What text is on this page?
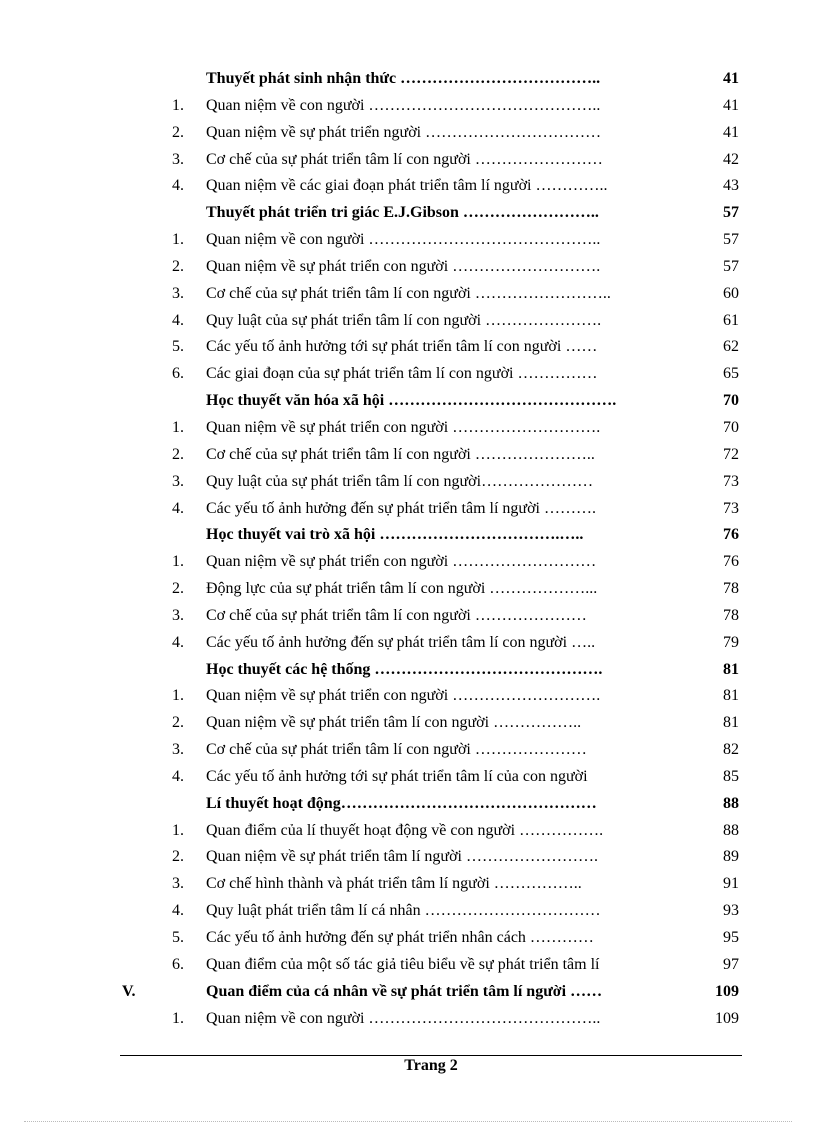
Thuyết phát sinh nhận thức ………………………………..	41
1. Quan niệm về con người ……………………………………..	41
2. Quan niệm về sự phát triển người ……………………………	41
3. Cơ chế của sự phát triển tâm lí con người ……………………	42
4. Quan niệm về các giai đoạn phát triển tâm lí người …………..	43
Thuyết phát triển tri giác E.J.Gibson ……………………..	57
1. Quan niệm về con người ……………………………………..	57
2. Quan niệm về sự phát triển con người ……………………….	57
3. Cơ chế của sự phát triển tâm lí con người ……………………..	60
4. Quy luật của sự phát triển tâm lí con người ………………….	61
5. Các yếu tố ảnh hưởng tới sự phát triển tâm lí con người ……	62
6. Các giai đoạn của sự phát triển tâm lí con người ……………	65
Học thuyết văn hóa xã hội …………………………………….	70
1. Quan niệm về sự phát triển con người ……………………….	70
2. Cơ chế của sự phát triển tâm lí con người …………………..	72
3. Quy luật của sự phát triển tâm lí con người…………………	73
4. Các yếu tố ảnh hưởng đến sự phát triển tâm lí người ……….	73
Học thuyết vai trò xã hội …………………………….…..	76
1. Quan niệm về sự phát triển con người ………………………	76
2. Động lực của sự phát triển tâm lí con người ………………...	78
3. Cơ chế của sự phát triển tâm lí con người …………………	78
4. Các yếu tố ảnh hưởng đến sự phát triển tâm lí con người …..	79
Học thuyết các hệ thống …………………………………….	81
1. Quan niệm về sự phát triển con người ……………………….	81
2. Quan niệm về sự phát triển tâm lí con người ……………..	81
3. Cơ chế của sự phát triển tâm lí con người …………………	82
4. Các yếu tố ảnh hưởng tới sự phát triển tâm lí của con người	85
Lí thuyết hoạt động…………………………………………	88
1. Quan điểm của lí thuyết hoạt động về con người …………….	88
2. Quan niệm về sự phát triển tâm lí người …………………….	89
3. Cơ chế hình thành và phát triển tâm lí người ……………..	91
4. Quy luật phát triển tâm lí cá nhân ……………………………	93
5. Các yếu tố ảnh hưởng đến sự phát triển nhân cách …………	95
6. Quan điểm của một số tác giả tiêu biểu về sự phát triển tâm lí	97
V.	Quan điểm của cá nhân về sự phát triển tâm lí người ……	109
1. Quan niệm về con người ……………………………………..	109
Trang 2
